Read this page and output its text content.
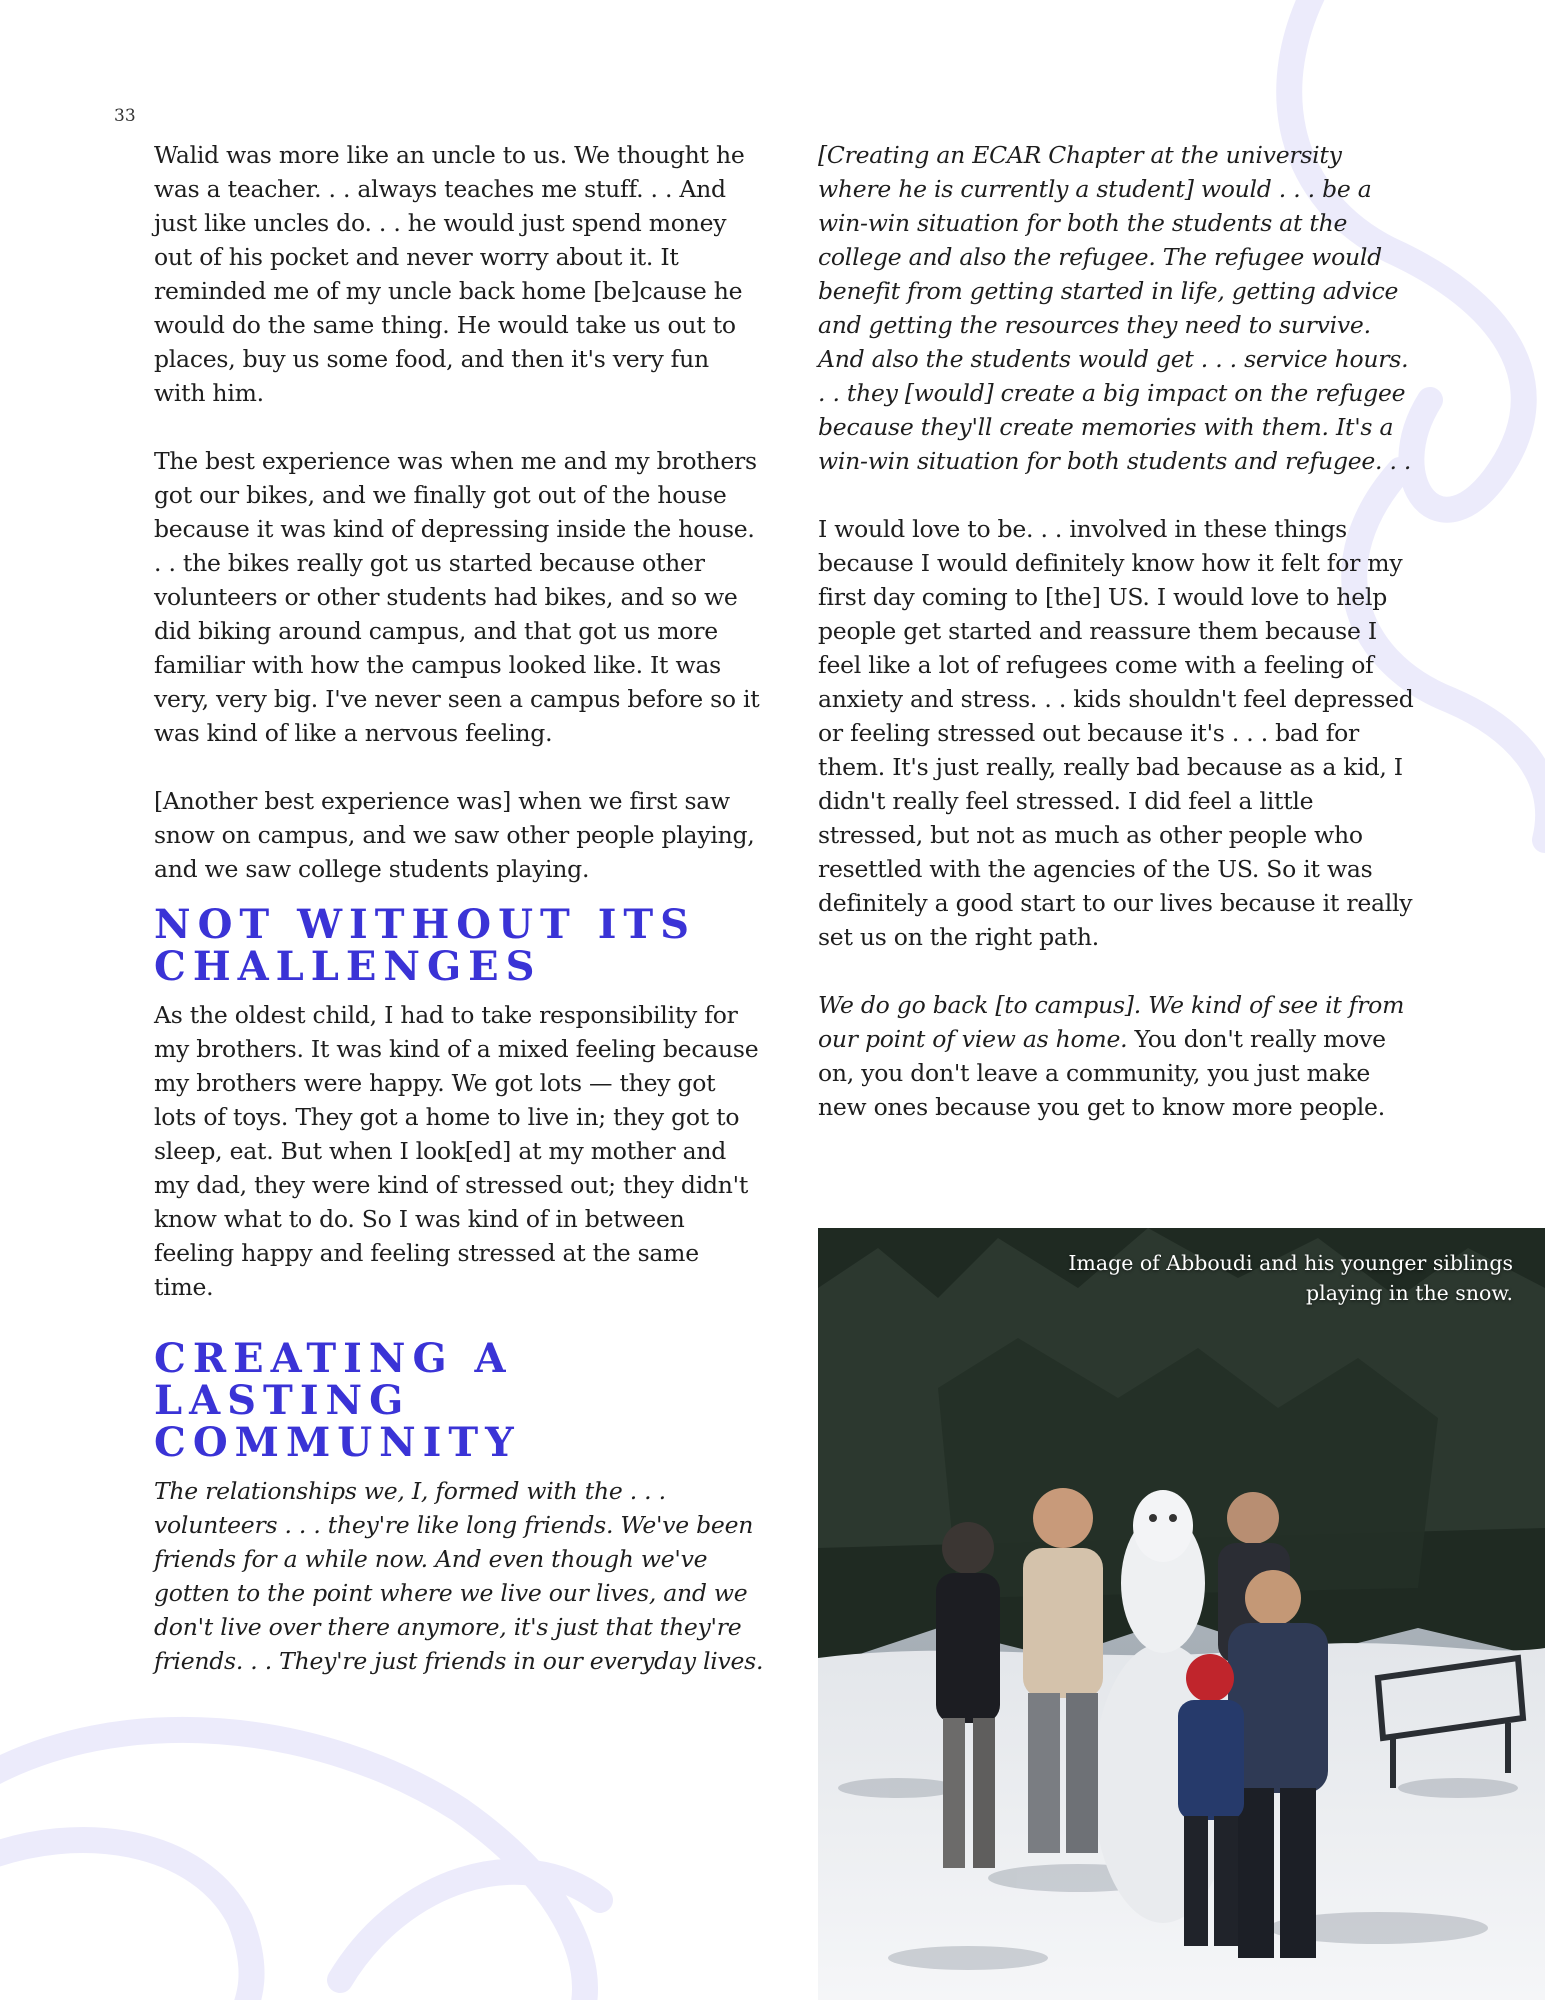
33

Walid was more like an uncle to us. We thought he was a teacher. . . always teaches me stuff. . . And just like uncles do. . . he would just spend money out of his pocket and never worry about it. It reminded me of my uncle back home [be]cause he would do the same thing. He would take us out to places, buy us some food, and then it's very fun with him.

The best experience was when me and my brothers got our bikes, and we finally got out of the house because it was kind of depressing inside the house. . . the bikes really got us started because other volunteers or other students had bikes, and so we did biking around campus, and that got us more familiar with how the campus looked like. It was very, very big. I've never seen a campus before so it was kind of like a nervous feeling.

[Another best experience was] when we first saw snow on campus, and we saw other people playing, and we saw college students playing.

NOT WITHOUT ITS CHALLENGES

As the oldest child, I had to take responsibility for my brothers. It was kind of a mixed feeling because my brothers were happy. We got lots — they got lots of toys. They got a home to live in; they got to sleep, eat. But when I look[ed] at my mother and my dad, they were kind of stressed out; they didn't know what to do. So I was kind of in between feeling happy and feeling stressed at the same time.

CREATING A LASTING COMMUNITY

The relationships we, I, formed with the . . . volunteers . . . they're like long friends. We've been friends for a while now. And even though we've gotten to the point where we live our lives, and we don't live over there anymore, it's just that they're friends. . . They're just friends in our everyday lives.

[Creating an ECAR Chapter at the university where he is currently a student] would . . . be a win-win situation for both the students at the college and also the refugee. The refugee would benefit from getting started in life, getting advice and getting the resources they need to survive. And also the students would get . . . service hours. . . they [would] create a big impact on the refugee because they'll create memories with them. It's a win-win situation for both students and refugee. . .

I would love to be. . . involved in these things because I would definitely know how it felt for my first day coming to [the] US. I would love to help people get started and reassure them because I feel like a lot of refugees come with a feeling of anxiety and stress. . . kids shouldn't feel depressed or feeling stressed out because it's . . . bad for them. It's just really, really bad because as a kid, I didn't really feel stressed. I did feel a little stressed, but not as much as other people who resettled with the agencies of the US. So it was definitely a good start to our lives because it really set us on the right path.

We do go back [to campus]. We kind of see it from our point of view as home. You don't really move on, you don't leave a community, you just make new ones because you get to know more people.

Image of Abboudi and his younger siblings playing in the snow.
